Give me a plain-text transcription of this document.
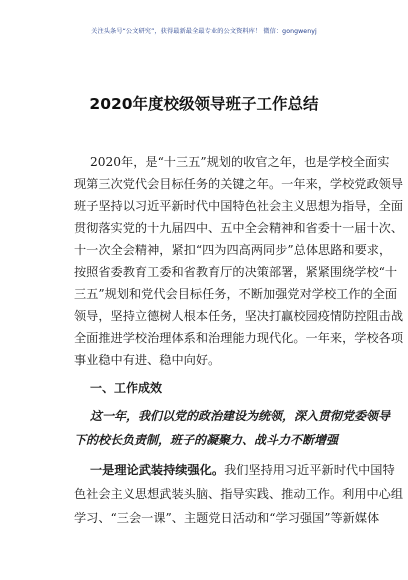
关注头条号“公文研究”，获得最新最全最专业的公文资料库！ 微信：gongwenyj
2020年度校级领导班子工作总结
2020年，是“十三五”规划的收官之年，也是学校全面实
现第三次党代会目标任务的关键之年。一年来，学校党政领导
班子坚持以习近平新时代中国特色社会主义思想为指导，全面
贯彻落实党的十九届四中、五中全会精神和省委十一届十次、
十一次全会精神，紧扣“四为四高两同步”总体思路和要求，
按照省委教育工委和省教育厅的决策部署，紧紧围绕学校“十
三五”规划和党代会目标任务，不断加强党对学校工作的全面
领导，坚持立德树人根本任务，坚决打赢校园疫情防控阻击战
全面推进学校治理体系和治理能力现代化。一年来，学校各项
事业稳中有进、稳中向好。
一、工作成效
这一年，我们以党的政治建设为统领，深入贯彻党委领导
下的校长负责制，班子的凝聚力、战斗力不断增强
一是理论武装持续强化。我们坚持用习近平新时代中国特
色社会主义思想武装头脑、指导实践、推动工作。利用中心组
学习、“三会一课”、主题党日活动和“学习强国”等新媒体
